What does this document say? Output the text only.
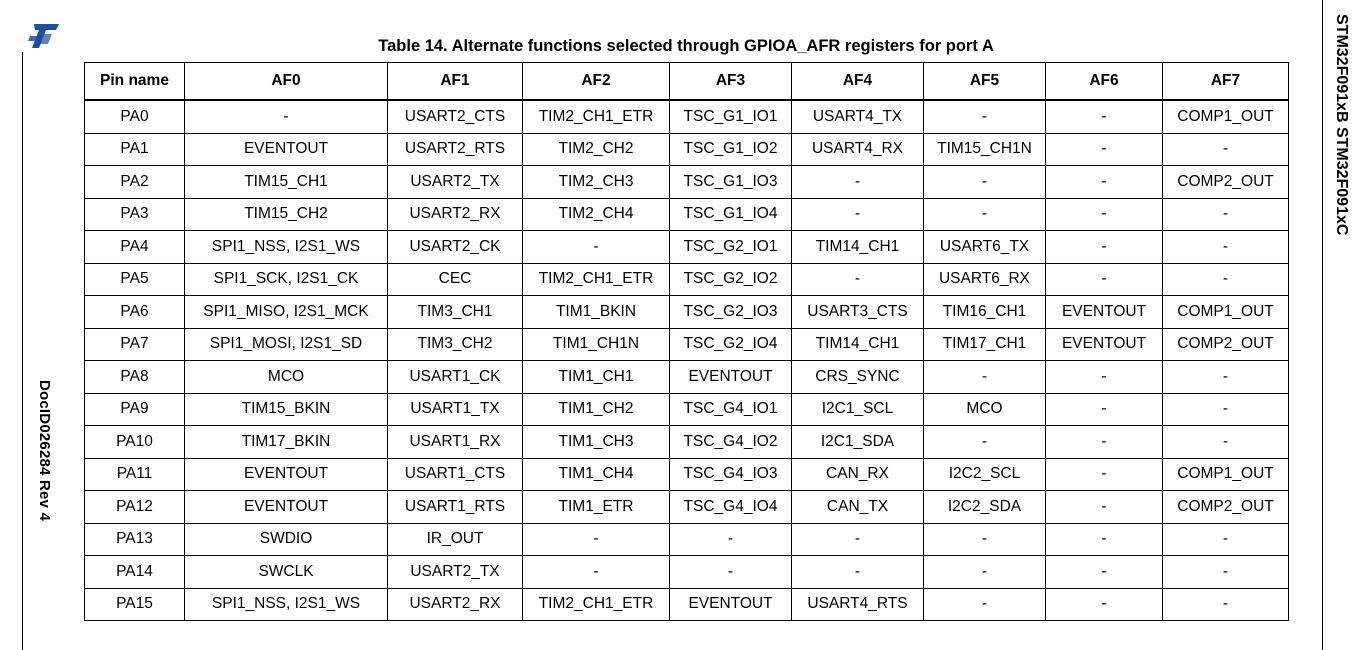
DocID026284 Rev 4
STM32F091xB STM32F091xC
Table 14. Alternate functions selected through GPIOA_AFR registers for port A
Pin name	AF0	AF1	AF2	AF3	AF4	AF5	AF6	AF7
PA0	-	USART2_CTS	TIM2_CH1_ETR	TSC_G1_IO1	USART4_TX	-	-	COMP1_OUT
PA1	EVENTOUT	USART2_RTS	TIM2_CH2	TSC_G1_IO2	USART4_RX	TIM15_CH1N	-	-
PA2	TIM15_CH1	USART2_TX	TIM2_CH3	TSC_G1_IO3	-	-	-	COMP2_OUT
PA3	TIM15_CH2	USART2_RX	TIM2_CH4	TSC_G1_IO4	-	-	-	-
PA4	SPI1_NSS, I2S1_WS	USART2_CK	-	TSC_G2_IO1	TIM14_CH1	USART6_TX	-	-
PA5	SPI1_SCK, I2S1_CK	CEC	TIM2_CH1_ETR	TSC_G2_IO2	-	USART6_RX	-	-
PA6	SPI1_MISO, I2S1_MCK	TIM3_CH1	TIM1_BKIN	TSC_G2_IO3	USART3_CTS	TIM16_CH1	EVENTOUT	COMP1_OUT
PA7	SPI1_MOSI, I2S1_SD	TIM3_CH2	TIM1_CH1N	TSC_G2_IO4	TIM14_CH1	TIM17_CH1	EVENTOUT	COMP2_OUT
PA8	MCO	USART1_CK	TIM1_CH1	EVENTOUT	CRS_SYNC	-	-	-
PA9	TIM15_BKIN	USART1_TX	TIM1_CH2	TSC_G4_IO1	I2C1_SCL	MCO	-	-
PA10	TIM17_BKIN	USART1_RX	TIM1_CH3	TSC_G4_IO2	I2C1_SDA	-	-	-
PA11	EVENTOUT	USART1_CTS	TIM1_CH4	TSC_G4_IO3	CAN_RX	I2C2_SCL	-	COMP1_OUT
PA12	EVENTOUT	USART1_RTS	TIM1_ETR	TSC_G4_IO4	CAN_TX	I2C2_SDA	-	COMP2_OUT
PA13	SWDIO	IR_OUT	-	-	-	-	-	-
PA14	SWCLK	USART2_TX	-	-	-	-	-	-
PA15	SPI1_NSS, I2S1_WS	USART2_RX	TIM2_CH1_ETR	EVENTOUT	USART4_RTS	-	-	-
